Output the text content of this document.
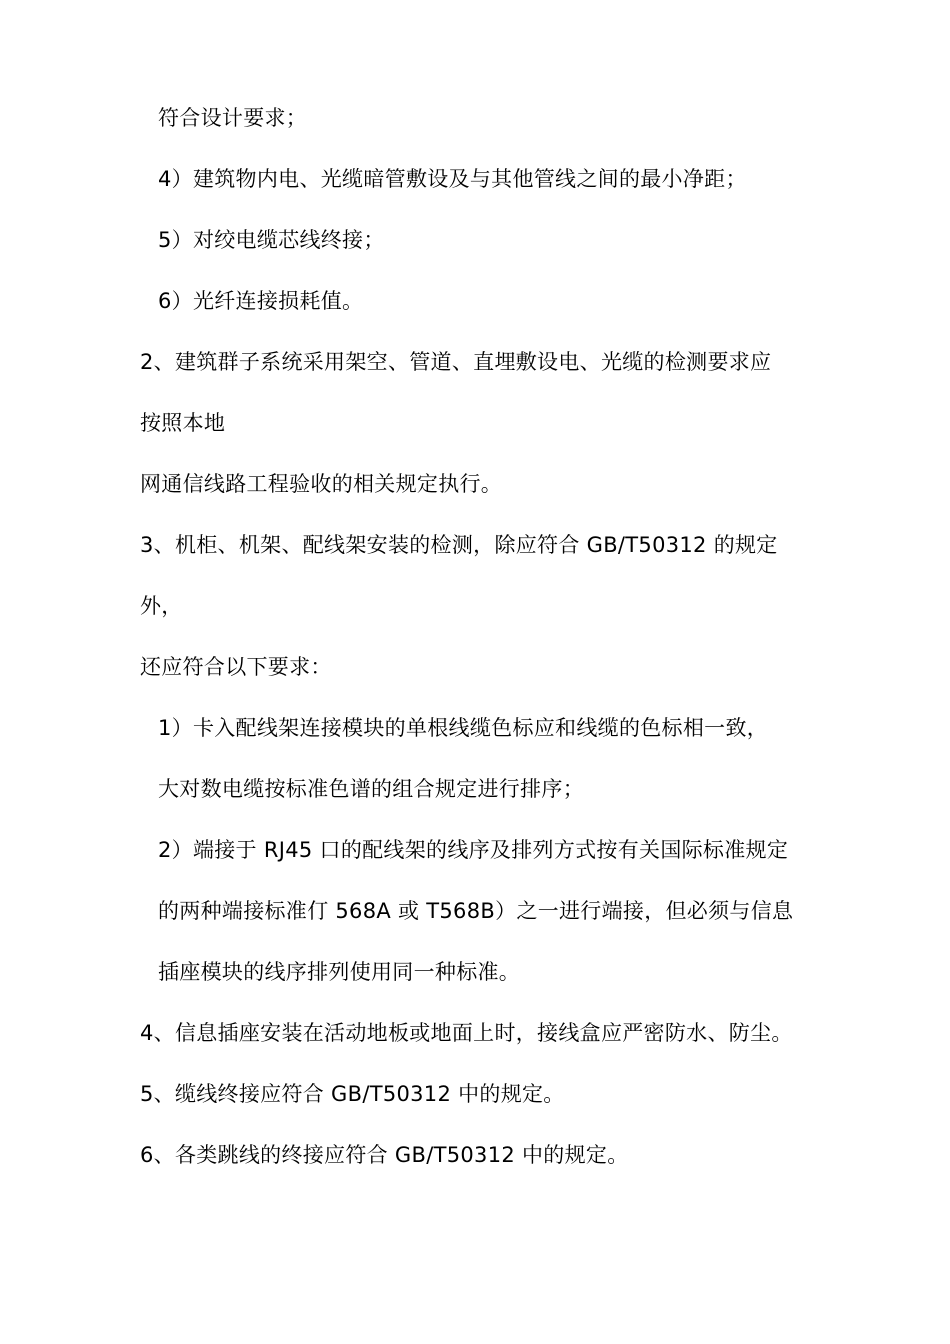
符合设计要求；
4）建筑物内电、光缆暗管敷设及与其他管线之间的最小净距；
5）对绞电缆芯线终接；
6）光纤连接损耗值。
2、建筑群子系统采用架空、管道、直埋敷设电、光缆的检测要求应
按照本地
网通信线路工程验收的相关规定执行。
3、机柜、机架、配线架安装的检测，除应符合 GB/T50312 的规定
外，
还应符合以下要求：
1）卡入配线架连接模块的单根线缆色标应和线缆的色标相一致，
大对数电缆按标准色谱的组合规定进行排序；
2）端接于 RJ45 口的配线架的线序及排列方式按有关国际标准规定
的两种端接标准仃 568A 或 T568B）之一进行端接，但必须与信息
插座模块的线序排列使用同一种标准。
4、信息插座安装在活动地板或地面上时，接线盒应严密防水、防尘。
5、缆线终接应符合 GB/T50312 中的规定。
6、各类跳线的终接应符合 GB/T50312 中的规定。
